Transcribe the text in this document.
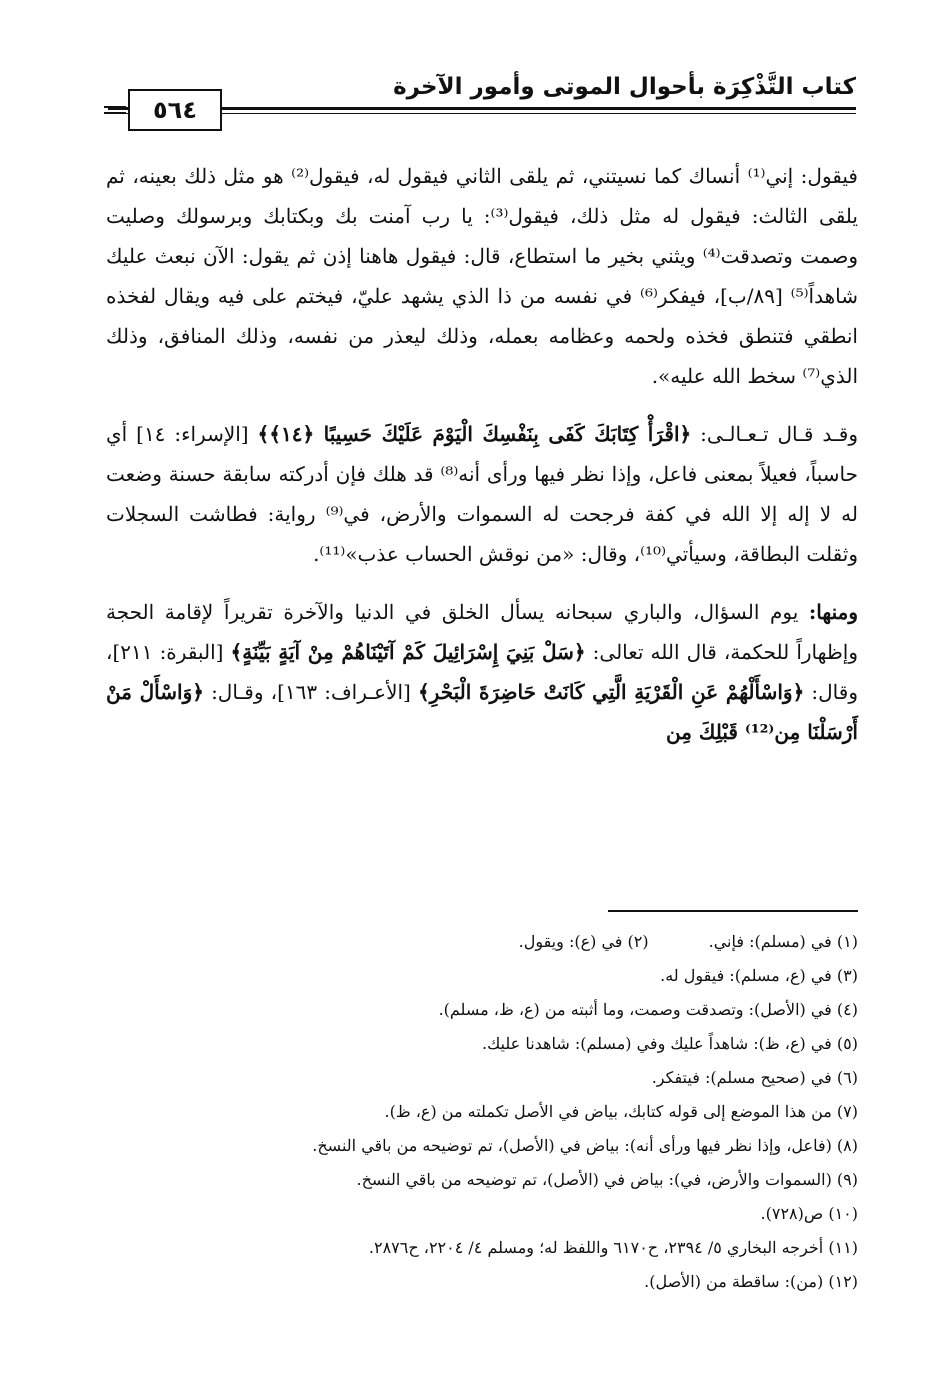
كتاب التَّذْكِرَة بأحوال الموتى وأمور الآخرة
٥٦٤

فيقول: إني⁽¹⁾ أنساك كما نسيتني، ثم يلقى الثاني فيقول له، فيقول⁽²⁾ هو مثل ذلك بعينه، ثم يلقى الثالث: فيقول له مثل ذلك، فيقول⁽³⁾: يا رب آمنت بك وبكتابك وبرسولك وصليت وصمت وتصدقت⁽⁴⁾ ويثني بخير ما استطاع، قال: فيقول هاهنا إذن ثم يقول: الآن نبعث عليك شاهداً⁽⁵⁾ [٨٩/ب]، فيفكر⁽⁶⁾ في نفسه من ذا الذي يشهد عليّ، فيختم على فيه ويقال لفخذه انطقي فتنطق فخذه ولحمه وعظامه بعمله، وذلك ليعذر من نفسه، وذلك المنافق، وذلك الذي⁽⁷⁾ سخط الله عليه».

وقـد قـال تـعـالـى: ﴿اقْرَأْ كِتَابَكَ كَفَى بِنَفْسِكَ الْيَوْمَ عَلَيْكَ حَسِيبًا ﴿١٤﴾﴾ [الإسراء: ١٤] أي حاسباً، فعيلاً بمعنى فاعل، وإذا نظر فيها ورأى أنه⁽⁸⁾ قد هلك فإن أدركته سابقة حسنة وضعت له لا إله إلا الله في كفة فرجحت له السموات والأرض، في⁽⁹⁾ رواية: فطاشت السجلات وثقلت البطاقة، وسيأتي⁽¹⁰⁾، وقال: «من نوقش الحساب عذب»⁽¹¹⁾.

ومنها: يوم السؤال، والباري سبحانه يسأل الخلق في الدنيا والآخرة تقريراً لإقامة الحجة وإظهاراً للحكمة، قال الله تعالى: ﴿سَلْ بَنِيَ إِسْرَائِيلَ كَمْ آتَيْنَاهُمْ مِنْ آيَةٍ بَيِّنَةٍ﴾ [البقرة: ٢١١]، وقال: ﴿وَاسْأَلْهُمْ عَنِ الْقَرْيَةِ الَّتِي كَانَتْ حَاضِرَةَ الْبَحْرِ﴾ [الأعـراف: ١٦٣]، وقـال: ﴿وَاسْأَلْ مَنْ أَرْسَلْنَا مِن⁽¹²⁾ قَبْلِكَ مِن

(١) في (مسلم): فإني.(٢) في (ع): ويقول.
(٣) في (ع، مسلم): فيقول له.
(٤) في (الأصل): وتصدقت وصمت، وما أثبته من (ع، ظ، مسلم).
(٥) في (ع، ظ): شاهداً عليك وفي (مسلم): شاهدنا عليك.
(٦) في (صحيح مسلم): فيتفكر.
(٧) من هذا الموضع إلى قوله كتابك، بياض في الأصل تكملته من (ع، ظ).
(٨) (فاعل، وإذا نظر فيها ورأى أنه): بياض في (الأصل)، تم توضيحه من باقي النسخ.
(٩) (السموات والأرض، في): بياض في (الأصل)، تم توضيحه من باقي النسخ.
(١٠) ص(٧٢٨).
(١١) أخرجه البخاري ٥/ ٢٣٩٤، ح٦١٧٠ واللفظ له؛ ومسلم ٤/ ٢٢٠٤، ح٢٨٧٦.
(١٢) (من): ساقطة من (الأصل).
